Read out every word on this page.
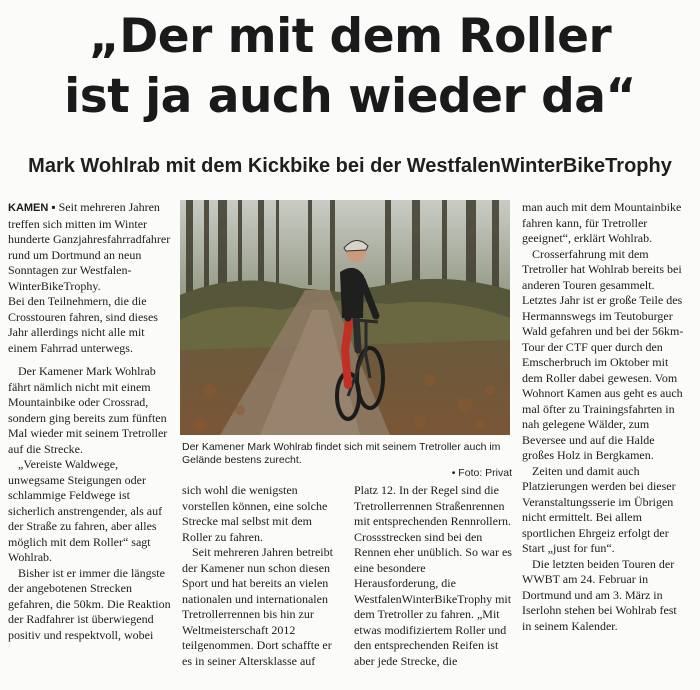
„Der mit dem Roller
ist ja auch wieder da“
Mark Wohlrab mit dem Kickbike bei der WestfalenWinterBikeTrophy

KAMEN ▪ Seit mehreren Jahren treffen sich mitten im Winter hunderte Ganzjahresfahrradfahrer rund um Dortmund an neun Sonntagen zur Westfalen-WinterBikeTrophy.

Bei den Teilnehmern, die die Crosstouren fahren, sind dieses Jahr allerdings nicht alle mit einem Fahrrad unterwegs.

Der Kamener Mark Wohlrab fährt nämlich nicht mit einem Mountainbike oder Crossrad, sondern ging bereits zum fünften Mal wieder mit seinem Tretroller auf die Strecke.

„Vereiste Waldwege, unwegsame Steigungen oder schlammige Feldwege ist sicherlich anstrengender, als auf der Straße zu fahren, aber alles möglich mit dem Roller“ sagt Wohlrab.

Bisher ist er immer die längste der angebotenen Strecken gefahren, die 50km. Die Reaktion der Radfahrer ist überwiegend positiv und respektvoll, wobei

Der Kamener Mark Wohlrab findet sich mit seinem Tretroller auch im Gelände bestens zurecht.
• Foto: Privat

sich wohl die wenigsten vorstellen können, eine solche Strecke mal selbst mit dem Roller zu fahren.

Seit mehreren Jahren betreibt der Kamener nun schon diesen Sport und hat bereits an vielen nationalen und internationalen Tretrollerrennen bis hin zur Weltmeisterschaft 2012 teilgenommen. Dort schaffte er es in seiner Altersklasse auf

Platz 12. In der Regel sind die Tretrollerrennen Straßenrennen mit entsprechenden Rennrollern. Crossstrecken sind bei den Rennen eher unüblich. So war es eine besondere Herausforderung, die WestfalenWinterBikeTrophy mit dem Tretroller zu fahren. „Mit etwas modifiziertem Roller und den entsprechenden Reifen ist aber jede Strecke, die

man auch mit dem Mountainbike fahren kann, für Tretroller geeignet“, erklärt Wohlrab.

Crosserfahrung mit dem Tretroller hat Wohlrab bereits bei anderen Touren gesammelt. Letztes Jahr ist er große Teile des Hermannswegs im Teutoburger Wald gefahren und bei der 56km-Tour der CTF quer durch den Emscherbruch im Oktober mit dem Roller dabei gewesen. Vom Wohnort Kamen aus geht es auch mal öfter zu Trainingsfahrten in nah gelegene Wälder, zum Beversee und auf die Halde großes Holz in Bergkamen.

Zeiten und damit auch Platzierungen werden bei dieser Veranstaltungsserie im Übrigen nicht ermittelt. Bei allem sportlichen Ehrgeiz erfolgt der Start „just for fun“.

Die letzten beiden Touren der WWBT am 24. Februar in Dortmund und am 3. März in Iserlohn stehen bei Wohlrab fest in seinem Kalender.
